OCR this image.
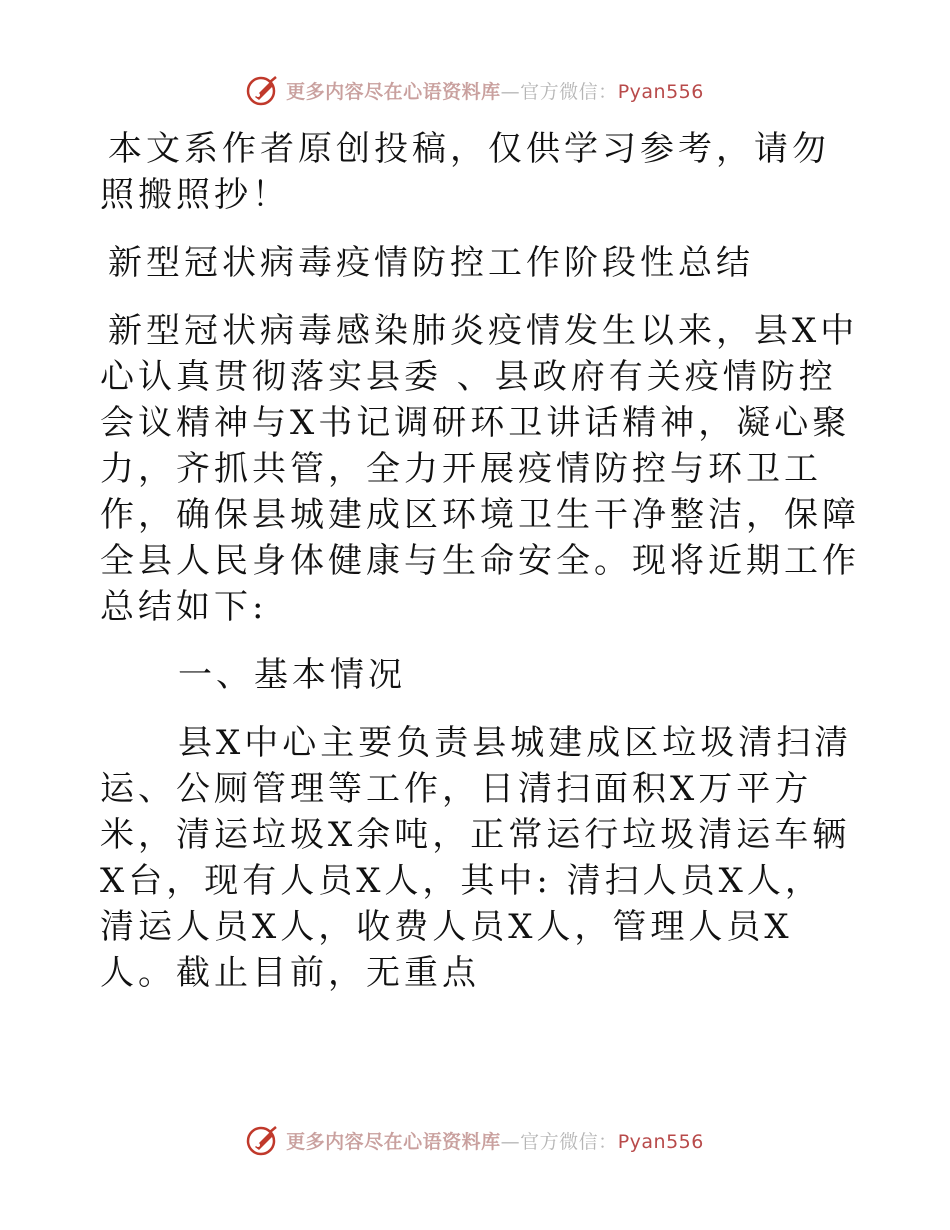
更多内容尽在心语资料库—官方微信：Pyan556

本文系作者原创投稿，仅供学习参考，请勿照搬照抄！

新型冠状病毒疫情防控工作阶段性总结

新型冠状病毒感染肺炎疫情发生以来，县X中心认真贯彻落实县委 、县政府有关疫情防控会议精神与X书记调研环卫讲话精神，凝心聚力，齐抓共管，全力开展疫情防控与环卫工作，确保县城建成区环境卫生干净整洁，保障全县人民身体健康与生命安全。现将近期工作总结如下:

一、基本情况

县X中心主要负责县城建成区垃圾清扫清运、公厕管理等工作，日清扫面积X万平方米，清运垃圾X余吨，正常运行垃圾清运车辆X台，现有人员X人，其中: 清扫人员X人，清运人员X人，收费人员X人，管理人员X人。截止目前，无重点

更多内容尽在心语资料库—官方微信：Pyan556
